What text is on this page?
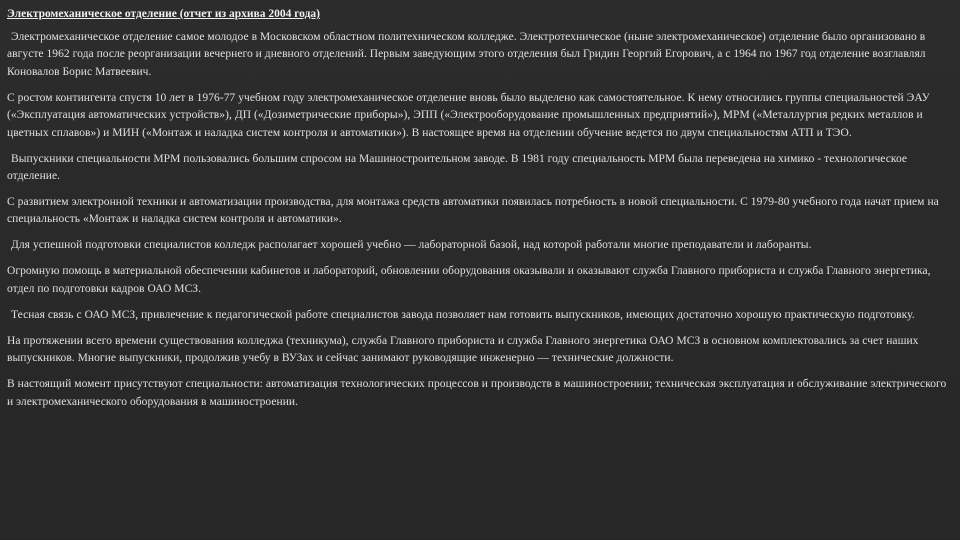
Электромеханическое отделение (отчет из архива 2004 года)

Электромеханическое отделение самое молодое в Московском областном политехническом колледже. Электротехническое (ныне электромеханическое) отделение было организовано в августе 1962 года после реорганизации вечернего и дневного отделений. Первым заведующим этого отделения был Гридин Георгий Егорович, а с 1964 по 1967 год отделение возглавлял Коновалов Борис Матвеевич.

С ростом контингента спустя 10 лет в 1976-77 учебном году электромеханическое отделение вновь было выделено как самостоятельное. К нему относились группы специальностей ЭАУ («Эксплуатация автоматических устройств»), ДП («Дозиметрические приборы»), ЭПП («Электрооборудование промышленных предприятий»), МРМ («Металлургия редких металлов и цветных сплавов») и МИН («Монтаж и наладка систем контроля и автоматики»). В настоящее время на отделении обучение ведется по двум специальностям АТП и ТЭО.

Выпускники специальности МРМ пользовались большим спросом на Машиностроительном заводе. В 1981 году специальность МРМ была переведена на химико - технологическое отделение.

С развитием электронной техники и автоматизации производства, для монтажа средств автоматики появилась потребность в новой специальности. С 1979-80 учебного года начат прием на специальность «Монтаж и наладка систем контроля и автоматики».

Для успешной подготовки специалистов колледж располагает хорошей учебно — лабораторной базой, над которой работали многие преподаватели и лаборанты.

Огромную помощь в материальной обеспечении кабинетов и лабораторий, обновлении оборудования оказывали и оказывают служба Главного прибориста и служба Главного энергетика, отдел по подготовки кадров ОАО МСЗ.

Тесная связь с ОАО МСЗ, привлечение к педагогической работе специалистов завода позволяет нам готовить выпускников, имеющих достаточно хорошую практическую подготовку.

На протяжении всего времени существования колледжа (техникума), служба Главного прибориста и служба Главного энергетика ОАО МСЗ в основном комплектовались за счет наших выпускников. Многие выпускники, продолжив учебу в ВУЗах и сейчас занимают руководящие инженерно — технические должности.

В настоящий момент присутствуют специальности: автоматизация технологических процессов и производств в машиностроении; техническая эксплуатация и обслуживание электрического и электромеханического оборудования в машиностроении.
